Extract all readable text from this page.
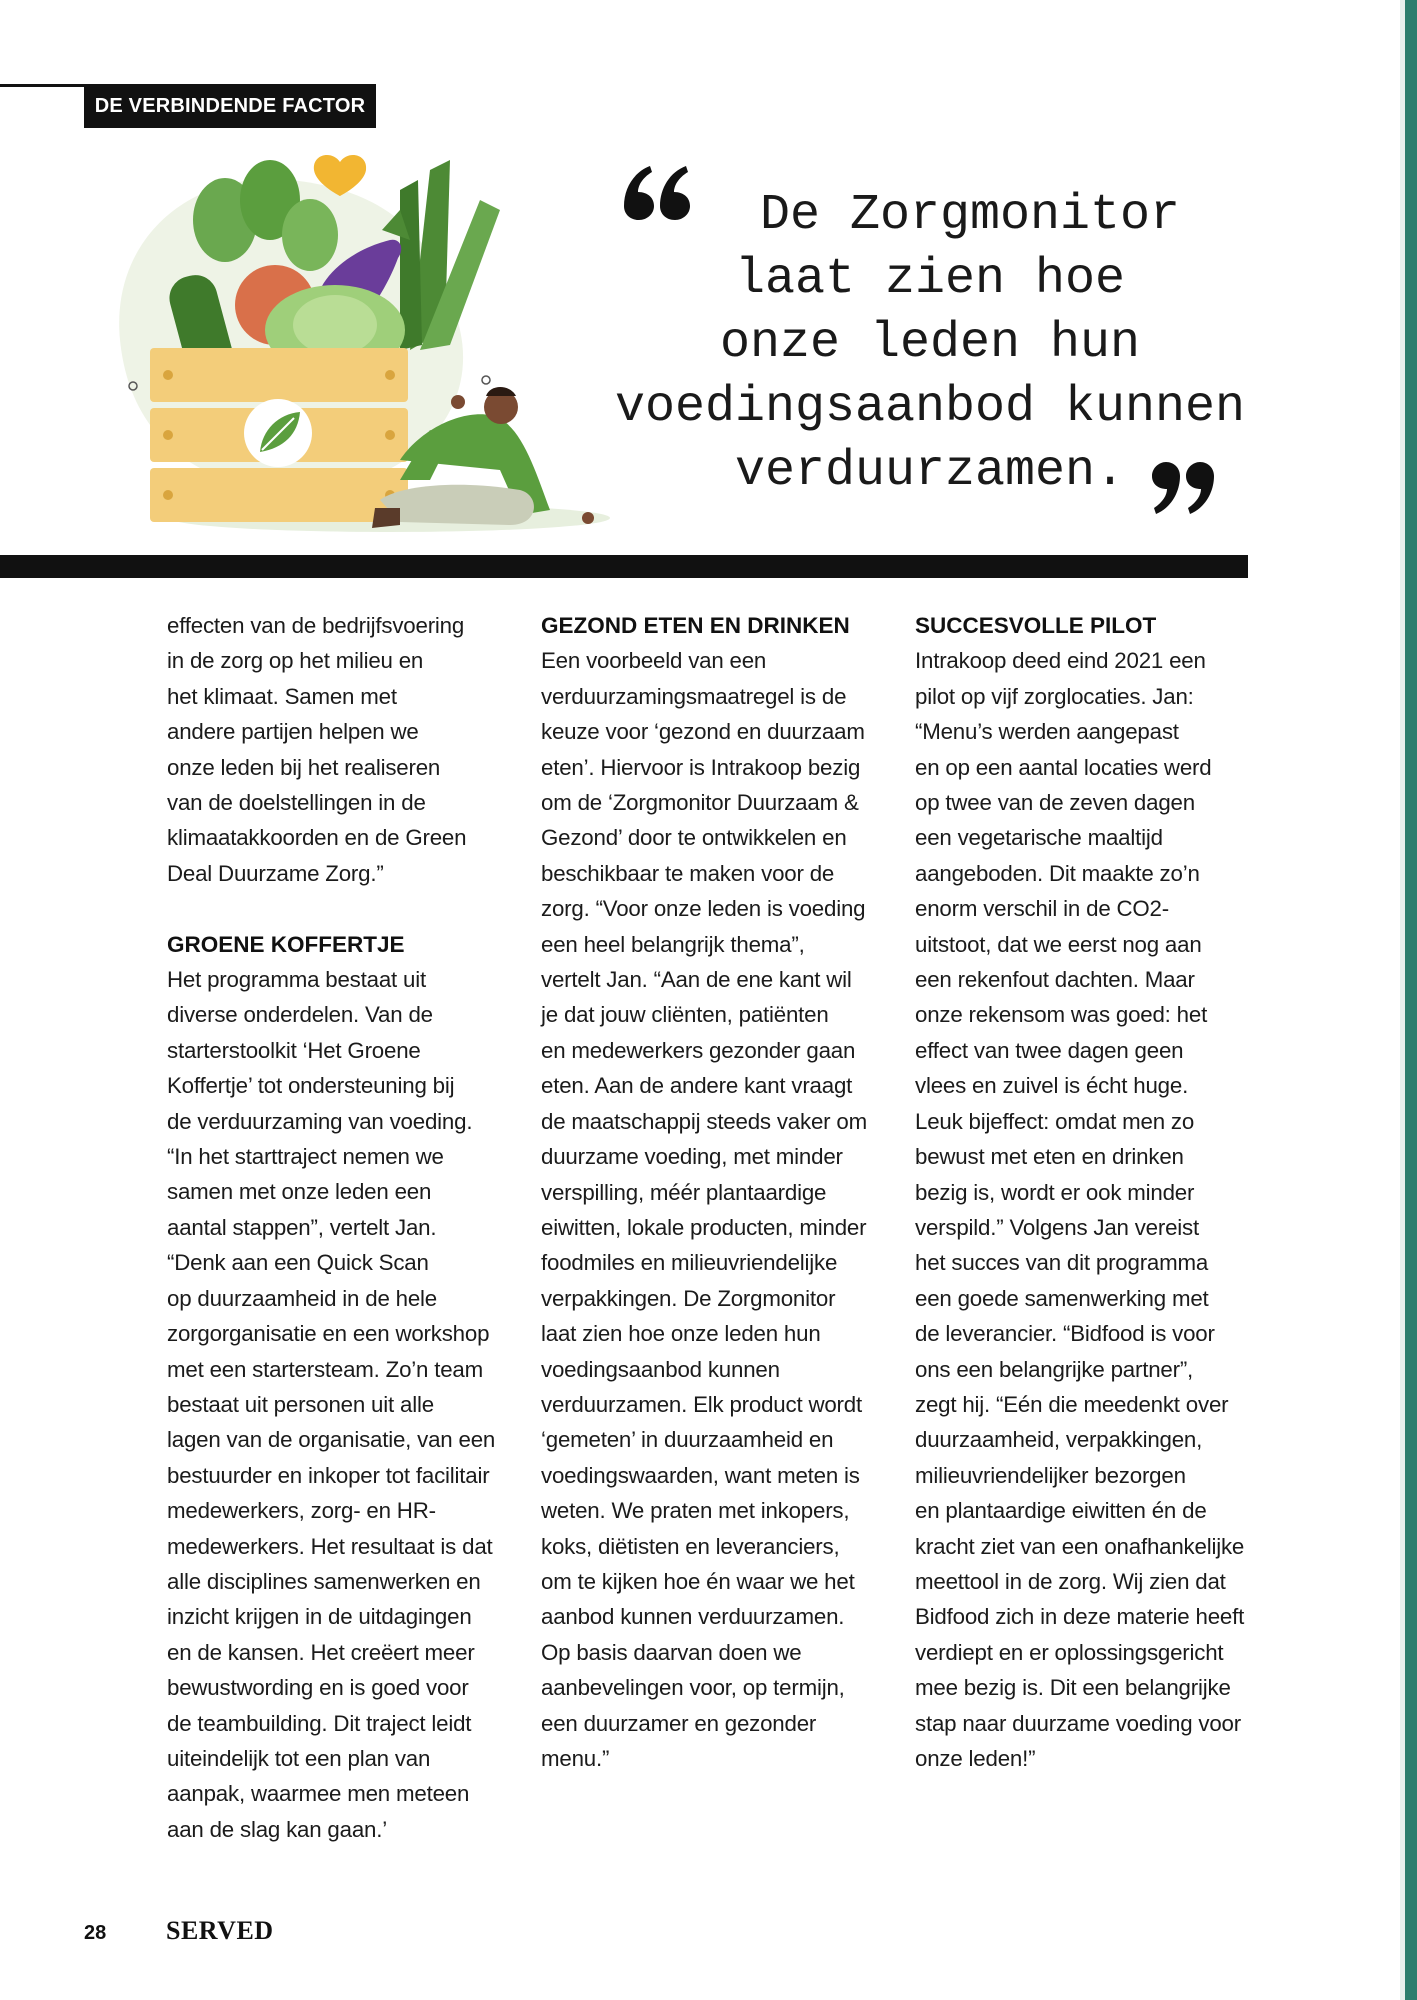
DE VERBINDENDE FACTOR
De Zorgmonitor
laat zien hoe
onze leden hun
voedingsaanbod kunnen
verduurzamen.

effecten van de bedrijfsvoering
in de zorg op het milieu en
het klimaat. Samen met
andere partijen helpen we
onze leden bij het realiseren
van de doelstellingen in de
klimaatakkoorden en de Green
Deal Duurzame Zorg.”

GROENE KOFFERTJE

Het programma bestaat uit
diverse onderdelen. Van de
starterstoolkit ‘Het Groene
Koffertje’ tot ondersteuning bij
de verduurzaming van voeding.
“In het starttraject nemen we
samen met onze leden een
aantal stappen”, vertelt Jan.
“Denk aan een Quick Scan
op duurzaamheid in de hele
zorgorganisatie en een workshop
met een startersteam. Zo’n team
bestaat uit personen uit alle
lagen van de organisatie, van een
bestuurder en inkoper tot facilitair
medewerkers, zorg- en HR-
medewerkers. Het resultaat is dat
alle disciplines samenwerken en
inzicht krijgen in de uitdagingen
en de kansen. Het creëert meer
bewustwording en is goed voor
de teambuilding. Dit traject leidt
uiteindelijk tot een plan van
aanpak, waarmee men meteen
aan de slag kan gaan.’

GEZOND ETEN EN DRINKEN

Een voorbeeld van een
verduurzamingsmaatregel is de
keuze voor ‘gezond en duurzaam
eten’. Hiervoor is Intrakoop bezig
om de ‘Zorgmonitor Duurzaam &
Gezond’ door te ontwikkelen en
beschikbaar te maken voor de
zorg. “Voor onze leden is voeding
een heel belangrijk thema”,
vertelt Jan. “Aan de ene kant wil
je dat jouw cliënten, patiënten
en medewerkers gezonder gaan
eten. Aan de andere kant vraagt
de maatschappij steeds vaker om
duurzame voeding, met minder
verspilling, méér plantaardige
eiwitten, lokale producten, minder
foodmiles en milieuvriendelijke
verpakkingen. De Zorgmonitor
laat zien hoe onze leden hun
voedingsaanbod kunnen
verduurzamen. Elk product wordt
‘gemeten’ in duurzaamheid en
voedingswaarden, want meten is
weten. We praten met inkopers,
koks, diëtisten en leveranciers,
om te kijken hoe én waar we het
aanbod kunnen verduurzamen.
Op basis daarvan doen we
aanbevelingen voor, op termijn,
een duurzamer en gezonder
menu.”

SUCCESVOLLE PILOT

Intrakoop deed eind 2021 een
pilot op vijf zorglocaties. Jan:
“Menu’s werden aangepast
en op een aantal locaties werd
op twee van de zeven dagen
een vegetarische maaltijd
aangeboden. Dit maakte zo’n
enorm verschil in de CO2-
uitstoot, dat we eerst nog aan
een rekenfout dachten. Maar
onze rekensom was goed: het
effect van twee dagen geen
vlees en zuivel is écht huge.
Leuk bijeffect: omdat men zo
bewust met eten en drinken
bezig is, wordt er ook minder
verspild.” Volgens Jan vereist
het succes van dit programma
een goede samenwerking met
de leverancier. “Bidfood is voor
ons een belangrijke partner”,
zegt hij. “Eén die meedenkt over
duurzaamheid, verpakkingen,
milieuvriendelijker bezorgen
en plantaardige eiwitten én de
kracht ziet van een onafhankelijke
meettool in de zorg. Wij zien dat
Bidfood zich in deze materie heeft
verdiept en er oplossingsgericht
mee bezig is. Dit een belangrijke
stap naar duurzame voeding voor
onze leden!”

28 SERVED
